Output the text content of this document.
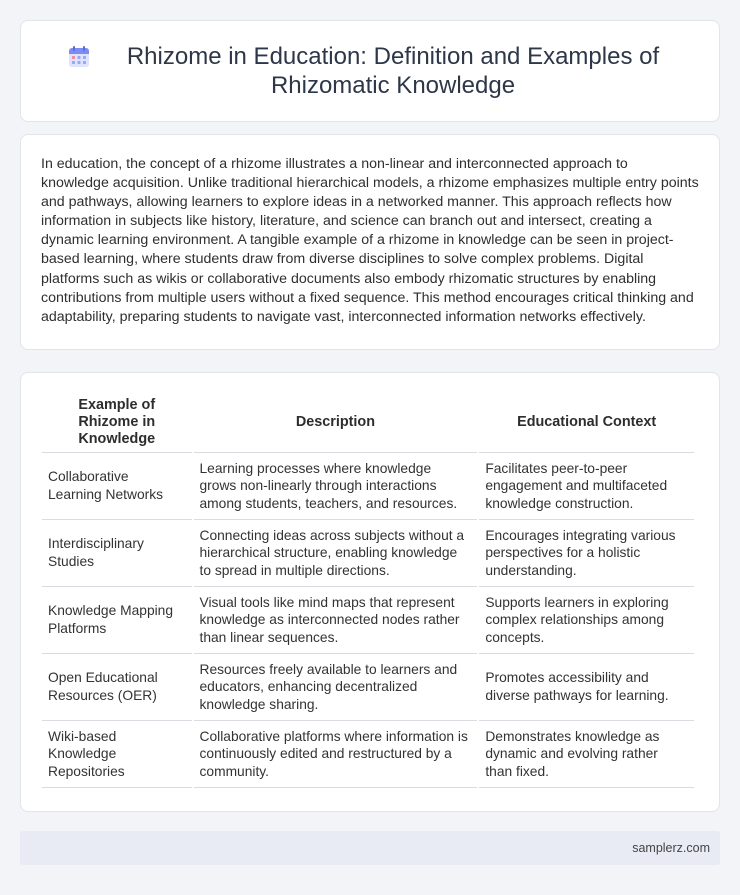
Rhizome in Education: Definition and Examples of Rhizomatic Knowledge

In education, the concept of a rhizome illustrates a non-linear and interconnected approach to knowledge acquisition. Unlike traditional hierarchical models, a rhizome emphasizes multiple entry points and pathways, allowing learners to explore ideas in a networked manner. This approach reflects how information in subjects like history, literature, and science can branch out and intersect, creating a dynamic learning environment. A tangible example of a rhizome in knowledge can be seen in project-based learning, where students draw from diverse disciplines to solve complex problems. Digital platforms such as wikis or collaborative documents also embody rhizomatic structures by enabling contributions from multiple users without a fixed sequence. This method encourages critical thinking and adaptability, preparing students to navigate vast, interconnected information networks effectively.

Example of Rhizome in Knowledge	Description	Educational Context
Collaborative Learning Networks	Learning processes where knowledge grows non-linearly through interactions among students, teachers, and resources.	Facilitates peer-to-peer engagement and multifaceted knowledge construction.
Interdisciplinary Studies	Connecting ideas across subjects without a hierarchical structure, enabling knowledge to spread in multiple directions.	Encourages integrating various perspectives for a holistic understanding.
Knowledge Mapping Platforms	Visual tools like mind maps that represent knowledge as interconnected nodes rather than linear sequences.	Supports learners in exploring complex relationships among concepts.
Open Educational Resources (OER)	Resources freely available to learners and educators, enhancing decentralized knowledge sharing.	Promotes accessibility and diverse pathways for learning.
Wiki-based Knowledge Repositories	Collaborative platforms where information is continuously edited and restructured by a community.	Demonstrates knowledge as dynamic and evolving rather than fixed.
samplerz.com
